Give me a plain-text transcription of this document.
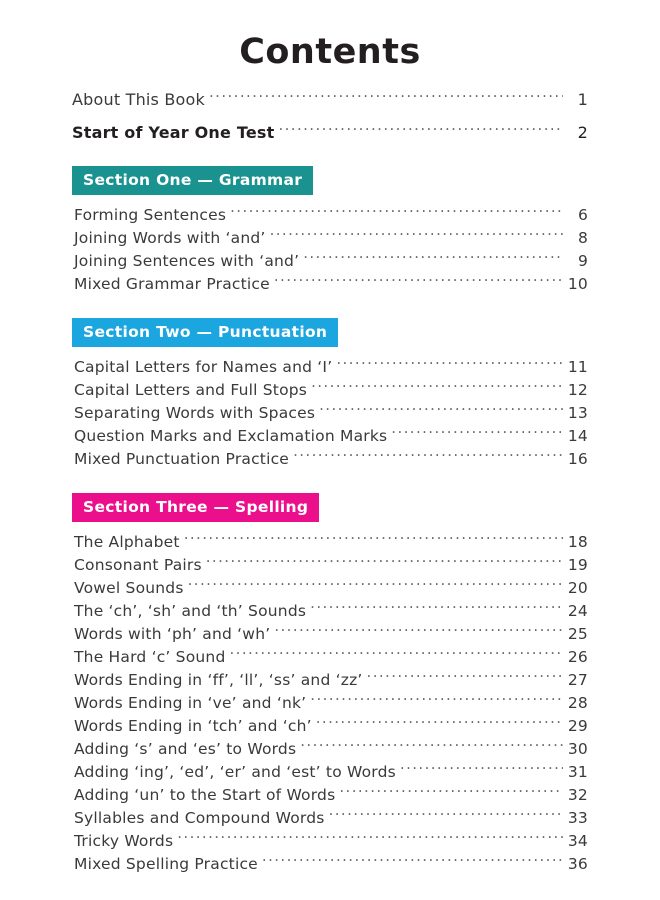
Contents
About This Book .....	1
Start of Year One Test .....	2
Section One — Grammar
Forming Sentences .....	6
Joining Words with ‘and’ .....	8
Joining Sentences with ‘and’ .....	9
Mixed Grammar Practice .....	10
Section Two — Punctuation
Capital Letters for Names and ‘I’ .....	11
Capital Letters and Full Stops .....	12
Separating Words with Spaces .....	13
Question Marks and Exclamation Marks .....	14
Mixed Punctuation Practice .....	16
Section Three — Spelling
The Alphabet .....	18
Consonant Pairs .....	19
Vowel Sounds .....	20
The ‘ch’, ‘sh’ and ‘th’ Sounds .....	24
Words with ‘ph’ and ‘wh’ .....	25
The Hard ‘c’ Sound .....	26
Words Ending in ‘ff’, ‘ll’, ‘ss’ and ‘zz’ .....	27
Words Ending in ‘ve’ and ‘nk’ .....	28
Words Ending in ‘tch’ and ‘ch’ .....	29
Adding ‘s’ and ‘es’ to Words .....	30
Adding ‘ing’, ‘ed’, ‘er’ and ‘est’ to Words .....	31
Adding ‘un’ to the Start of Words .....	32
Syllables and Compound Words .....	33
Tricky Words .....	34
Mixed Spelling Practice .....	36
